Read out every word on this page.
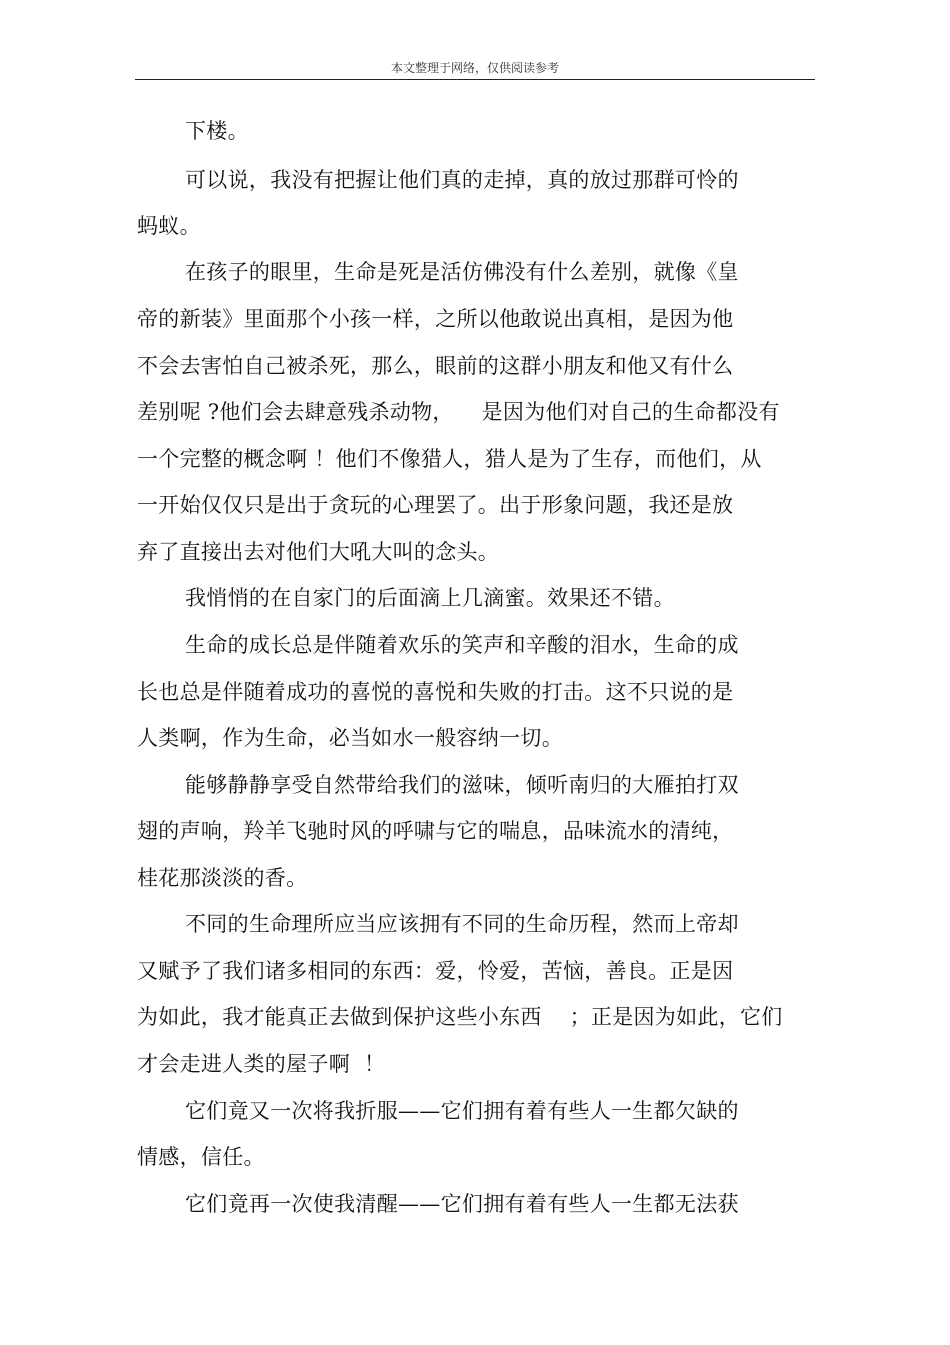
本文整理于网络，仅供阅读参考
下楼。
可以说，我没有把握让他们真的走掉，真的放过那群可怜的
蚂蚁。
在孩子的眼里，生命是死是活仿佛没有什么差别，就像《皇
帝的新装》里面那个小孩一样，之所以他敢说出真相，是因为他
不会去害怕自己被杀死，那么，眼前的这群小朋友和他又有什么
差别呢 ?他们会去肆意残杀动物，    是因为他们对自己的生命都没有
一个完整的概念啊 ！他们不像猎人，猎人是为了生存，而他们，从
一开始仅仅只是出于贪玩的心理罢了。出于形象问题，我还是放
弃了直接出去对他们大吼大叫的念头。
我悄悄的在自家门的后面滴上几滴蜜。效果还不错。
生命的成长总是伴随着欢乐的笑声和辛酸的泪水，生命的成
长也总是伴随着成功的喜悦的喜悦和失败的打击。这不只说的是
人类啊，作为生命，必当如水一般容纳一切。
能够静静享受自然带给我们的滋味，倾听南归的大雁拍打双
翅的声响，羚羊飞驰时风的呼啸与它的喘息，品味流水的清纯，
桂花那淡淡的香。
不同的生命理所应当应该拥有不同的生命历程，然而上帝却
又赋予了我们诸多相同的东西：爱，怜爱，苦恼，善良。正是因
为如此，我才能真正去做到保护这些小东西    ；正是因为如此，它们
才会走进人类的屋子啊  ！
它们竟又一次将我折服——它们拥有着有些人一生都欠缺的
情感，信任。
它们竟再一次使我清醒——它们拥有着有些人一生都无法获
